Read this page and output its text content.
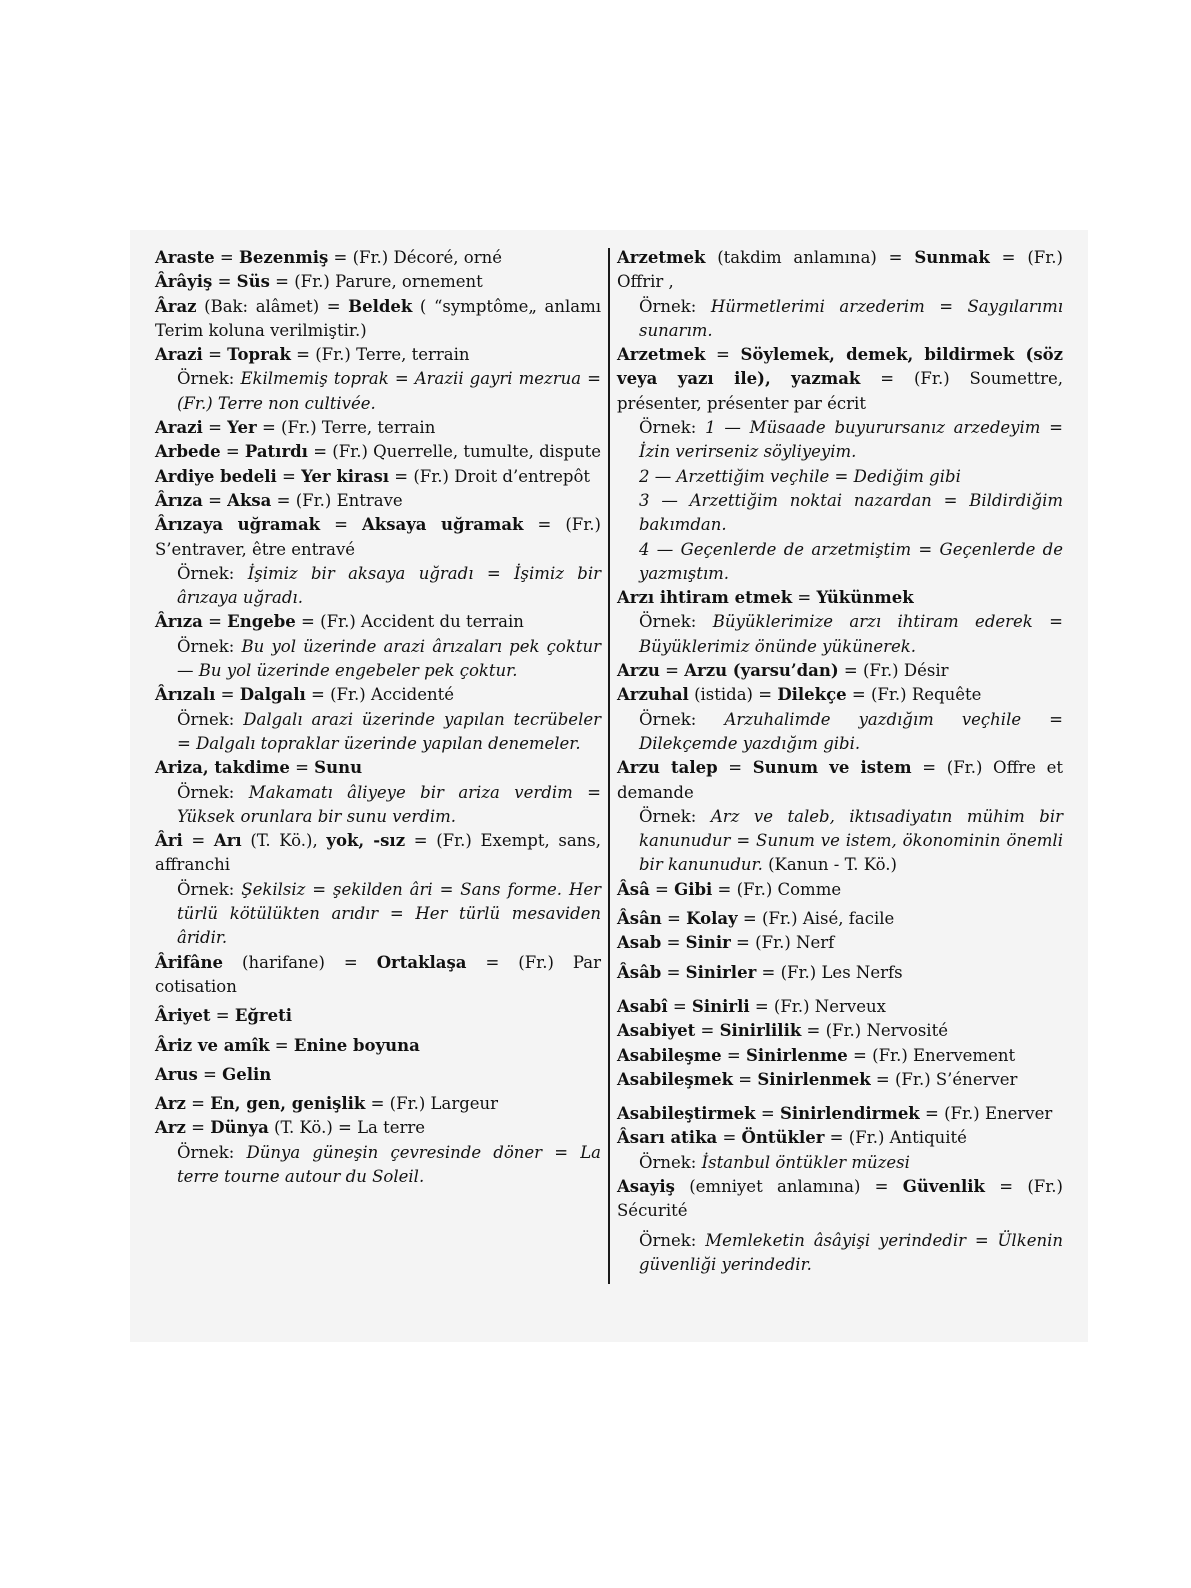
Araste = Bezenmiş = (Fr.) Décoré, orné
Ârâyiş = Süs = (Fr.) Parure, ornement
Âraz (Bak: alâmet) = Beldek ( “symptôme„ anlamı Terim koluna verilmiştir.)
Arazi = Toprak = (Fr.) Terre, terrain
Örnek: Ekilmemiş toprak = Arazii gayri mezrua = (Fr.) Terre non cultivée.
Arazi = Yer = (Fr.) Terre, terrain
Arbede = Patırdı = (Fr.) Querrelle, tumulte, dispute
Ardiye bedeli = Yer kirası = (Fr.) Droit d’entrepôt
Ârıza = Aksa = (Fr.) Entrave
Ârızaya uğramak = Aksaya uğramak = (Fr.) S’entraver, être entravé
Örnek: İşimiz bir aksaya uğradı = İşimiz bir ârızaya uğradı.
Ârıza = Engebe = (Fr.) Accident du terrain
Örnek: Bu yol üzerinde arazi ârızaları pek çoktur — Bu yol üzerinde engebeler pek çoktur.
Ârızalı = Dalgalı = (Fr.) Accidenté
Örnek: Dalgalı arazi üzerinde yapılan tecrübeler = Dalgalı topraklar üzerinde yapılan denemeler.
Ariza, takdime = Sunu
Örnek: Makamatı âliyeye bir ariza verdim = Yüksek orunlara bir sunu verdim.
Âri = Arı (T. Kö.), yok, -sız = (Fr.) Exempt, sans, affranchi
Örnek: Şekilsiz = şekilden âri = Sans forme. Her türlü kötülükten arıdır = Her türlü mesaviden âridir.
Ârifâne (harifane) = Ortaklaşa = (Fr.) Par cotisation
Âriyet = Eğreti
Âriz ve amîk = Enine boyuna
Arus = Gelin
Arz = En, gen, genişlik = (Fr.) Largeur
Arz = Dünya (T. Kö.) = La terre
Örnek: Dünya güneşin çevresinde döner = La terre tourne autour du Soleil.
Arzetmek (takdim anlamına) = Sunmak = (Fr.) Offrir ,
Örnek: Hürmetlerimi arzederim = Saygılarımı sunarım.
Arzetmek = Söylemek, demek, bildirmek (söz veya yazı ile), yazmak = (Fr.) Soumettre, présenter, présenter par écrit
Örnek: 1 — Müsaade buyurursanız arzedeyim = İzin verirseniz söyliyeyim.
2 — Arzettiğim veçhile = Dediğim gibi
3 — Arzettiğim noktai nazardan = Bildirdiğim bakımdan.
4 — Geçenlerde de arzetmiştim = Geçenlerde de yazmıştım.
Arzı ihtiram etmek = Yükünmek
Örnek: Büyüklerimize arzı ihtiram ederek = Büyüklerimiz önünde yükünerek.
Arzu = Arzu (yarsu’dan) = (Fr.) Désir
Arzuhal (istida) = Dilekçe = (Fr.) Requête
Örnek: Arzuhalimde yazdığım veçhile = Dilekçemde yazdığım gibi.
Arzu talep = Sunum ve istem = (Fr.) Offre et demande
Örnek: Arz ve taleb, iktısadiyatın mühim bir kanunudur = Sunum ve istem, ökonominin önemli bir kanunudur. (Kanun - T. Kö.)
Âsâ = Gibi = (Fr.) Comme
Âsân = Kolay = (Fr.) Aisé, facile
Asab = Sinir = (Fr.) Nerf
Âsâb = Sinirler = (Fr.) Les Nerfs
Asabî = Sinirli = (Fr.) Nerveux
Asabiyet = Sinirlilik = (Fr.) Nervosité
Asabileşme = Sinirlenme = (Fr.) Enervement
Asabileşmek = Sinirlenmek = (Fr.) S’énerver
Asabileştirmek = Sinirlendirmek = (Fr.) Enerver
Âsarı atika = Öntükler = (Fr.) Antiquité
Örnek: İstanbul öntükler müzesi
Asayiş (emniyet anlamına) = Güvenlik = (Fr.) Sécurité
Örnek: Memleketin âsâyişi yerindedir = Ülkenin güvenliği yerindedir.
